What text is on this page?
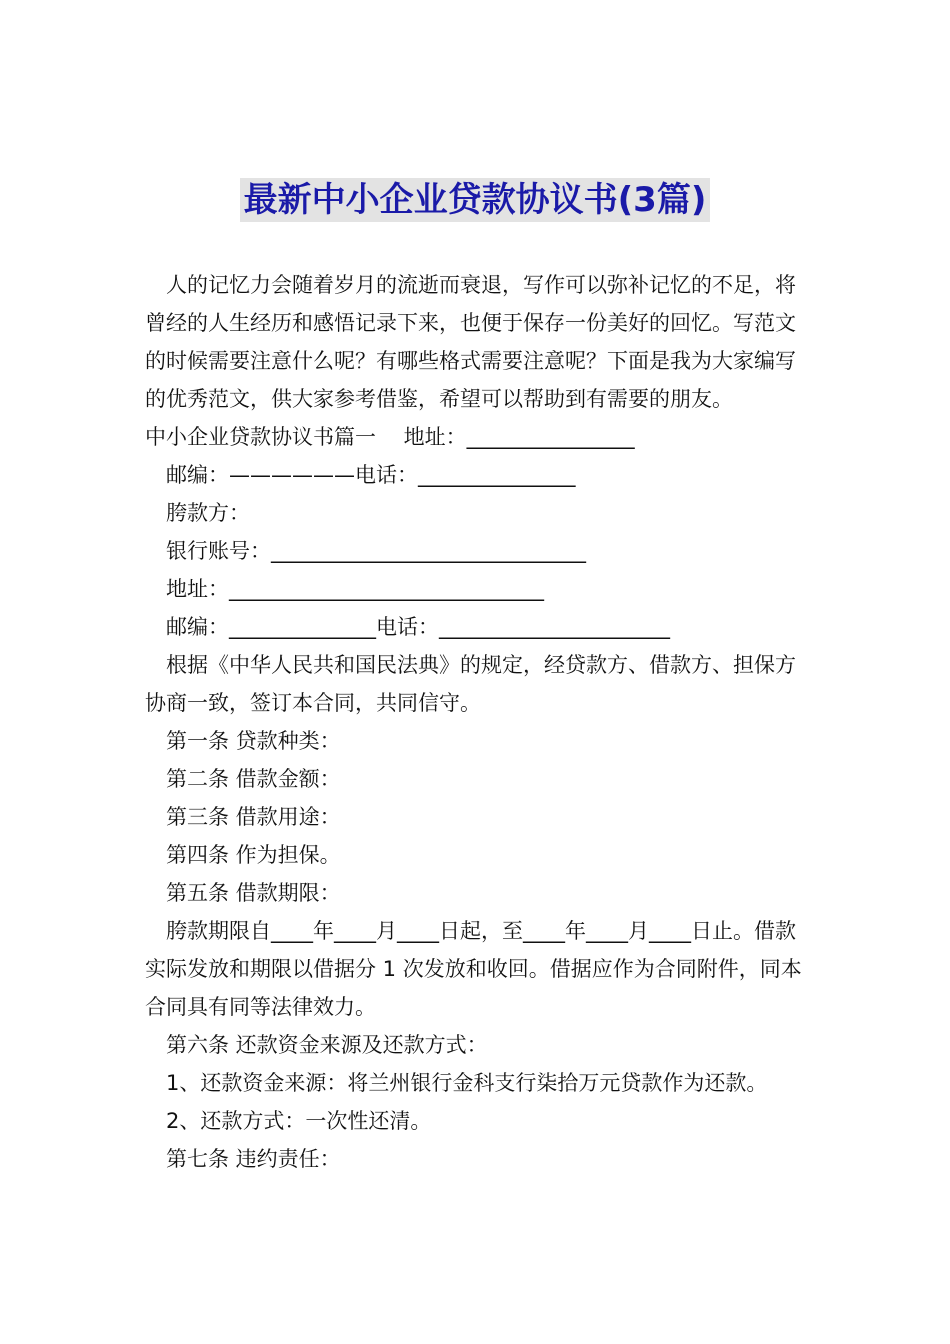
最新中小企业贷款协议书(3篇)

人的记忆力会随着岁月的流逝而衰退，写作可以弥补记忆的不足，将曾经的人生经历和感悟记录下来，也便于保存一份美好的回忆。写范文的时候需要注意什么呢？有哪些格式需要注意呢？下面是我为大家编写的优秀范文，供大家参考借鉴，希望可以帮助到有需要的朋友。

中小企业贷款协议书篇一　 地址：________________

邮编：——————电话：_______________

胯款方：

银行账号：______________________________

地址：______________________________

邮编：______________电话：______________________

根据《中华人民共和国民法典》的规定，经贷款方、借款方、担保方协商一致，签订本合同，共同信守。

第一条 贷款种类：

第二条 借款金额：

第三条 借款用途：

第四条 作为担保。

第五条 借款期限：

胯款期限自____年____月____日起，至____年____月____日止。借款实际发放和期限以借据分 1 次发放和收回。借据应作为合同附件，同本合同具有同等法律效力。

第六条 还款资金来源及还款方式：

1、还款资金来源：将兰州银行金科支行柒拾万元贷款作为还款。

2、还款方式：一次性还清。

第七条 违约责任：
